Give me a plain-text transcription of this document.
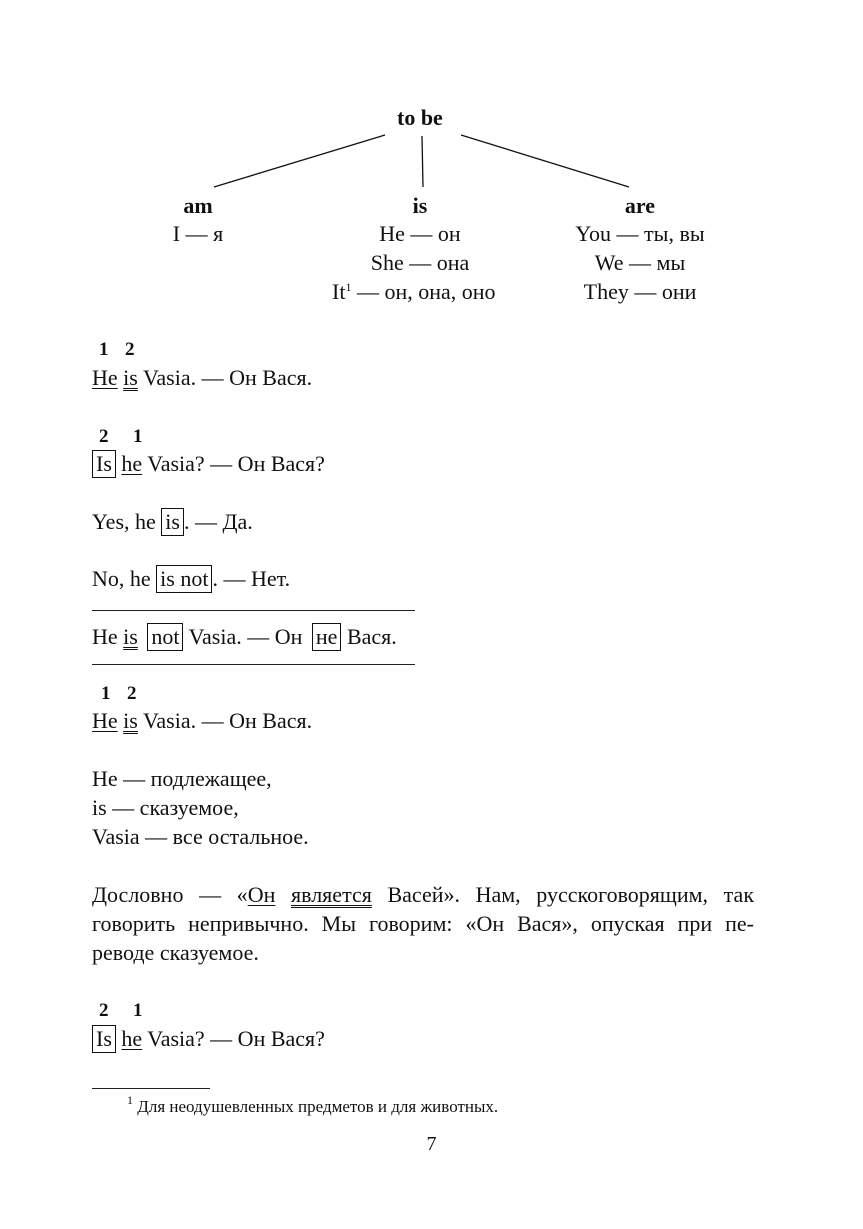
to be
am
I — я
is
He — он
She — она
It$^1$ — он, она, оно
are
You — ты, вы
We — мы
They — они
1 2
He is Vasia. — Он Вася.
2 1
Is he Vasia? — Он Вася?
Yes, he is . — Да.
No, he is not . — Нет.
He is not Vasia. — Он не Вася.
1 2
He is Vasia. — Он Вася.
He — подлежащее,
is — сказуемое,
Vasia — все остальное.
Дословно — «Он является Васей». Нам, русскоговорящим, так говорить непривычно. Мы говорим: «Он Вася», опуская при пе-реводе сказуемое.
2 1
Is he Vasia? — Он Вася?
$^1$ Для неодушевленных предметов и для животных.
7
